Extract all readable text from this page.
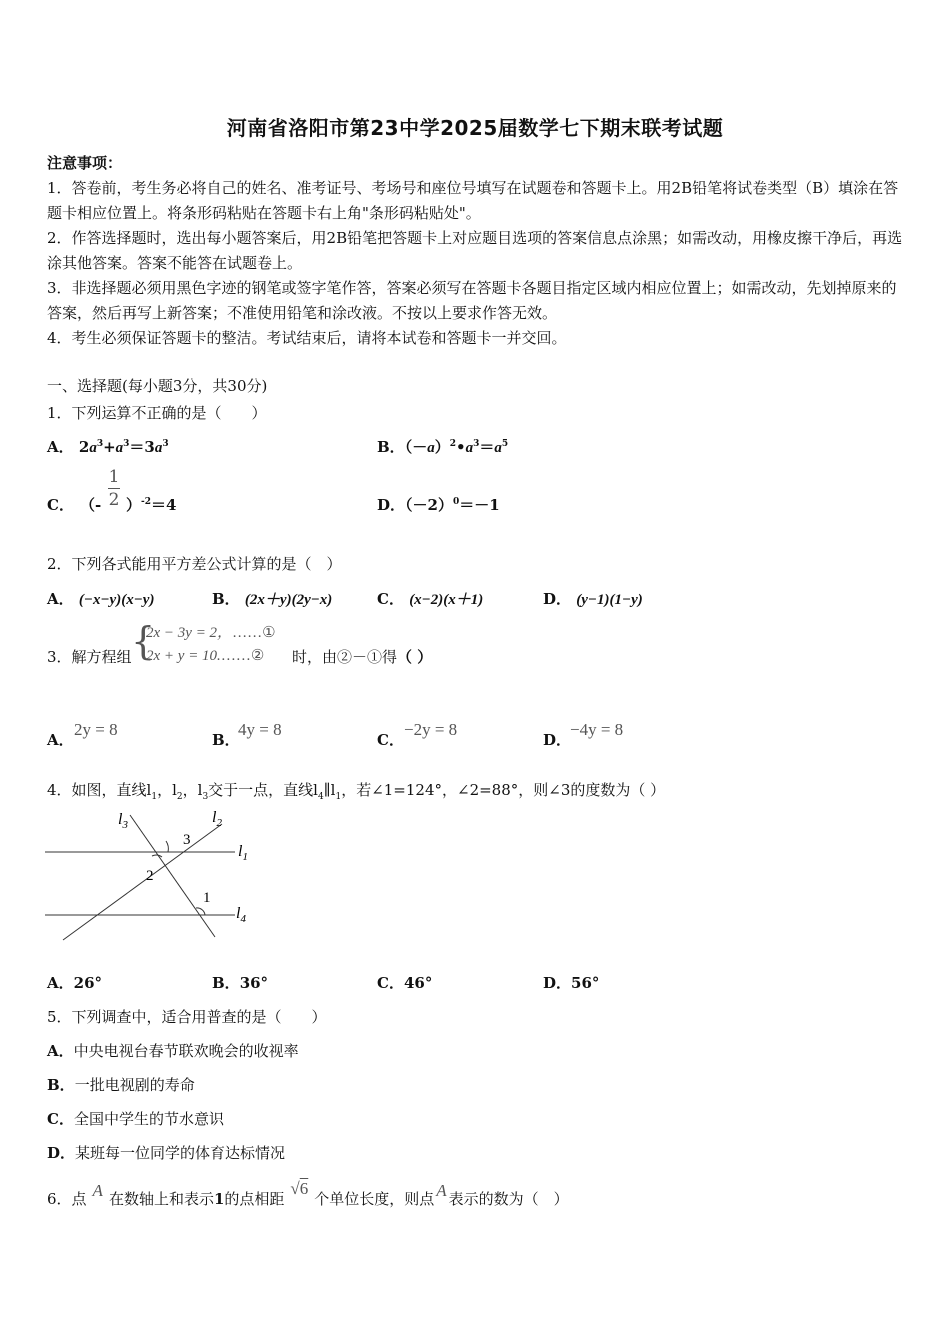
河南省洛阳市第23中学2025届数学七下期末联考试题
注意事项：
1．答卷前，考生务必将自己的姓名、准考证号、考场号和座位号填写在试题卷和答题卡上。用2B铅笔将试卷类型（B）填涂在答题卡相应位置上。将条形码粘贴在答题卡右上角"条形码粘贴处"。
2．作答选择题时，选出每小题答案后，用2B铅笔把答题卡上对应题目选项的答案信息点涂黑；如需改动，用橡皮擦干净后，再选涂其他答案。答案不能答在试题卷上。
3．非选择题必须用黑色字迹的钢笔或签字笔作答，答案必须写在答题卡各题目指定区域内相应位置上；如需改动，先划掉原来的答案，然后再写上新答案；不准使用铅笔和涂改液。不按以上要求作答无效。
4．考生必须保证答题卡的整洁。考试结束后，请将本试卷和答题卡一并交回。
一、选择题(每小题3分，共30分)
1．下列运算不正确的是（　　）
A． $2a^3+a^3=3a^3$	B．$(-a)^2•a^3=a^5$
C． （-
1
2 ）$^{-2}$＝4	D．$(-2)^0=-1$
2．下列各式能用平方差公式计算的是（　）
A． (−x−y)(x−y)	B． (2x＋y)(2y−x)	C． (x−2)(x＋1)	D． (y−1)(1−y)
3．解方程组 {
2x − 3y = 2，……①
2x + y = 10.……② 时，由②－①得（ ）
A．
2y = 8
B．
4y = 8
C．
−2y = 8
D．
−4y = 8
4．如图，直线$l_1$，$l_2$，$l_3$交于一点，直线$l_4\parallel l_1$，若∠1=124°，∠2=88°，则∠3的度数为（ ）
$l_3$	$l_2$
$l_1$
$l_4$
3
2
1
A．26°	B．36°	C．46°	D．56°
5．下列调查中，适合用普查的是（　　）
A．中央电视台春节联欢晚会的收视率
B．一批电视剧的寿命
C．全国中学生的节水意识
D．某班每一位同学的体育达标情况
6．点 A 在数轴上和表示1的点相距√6个单位长度，则点 A 表示的数为（　）
